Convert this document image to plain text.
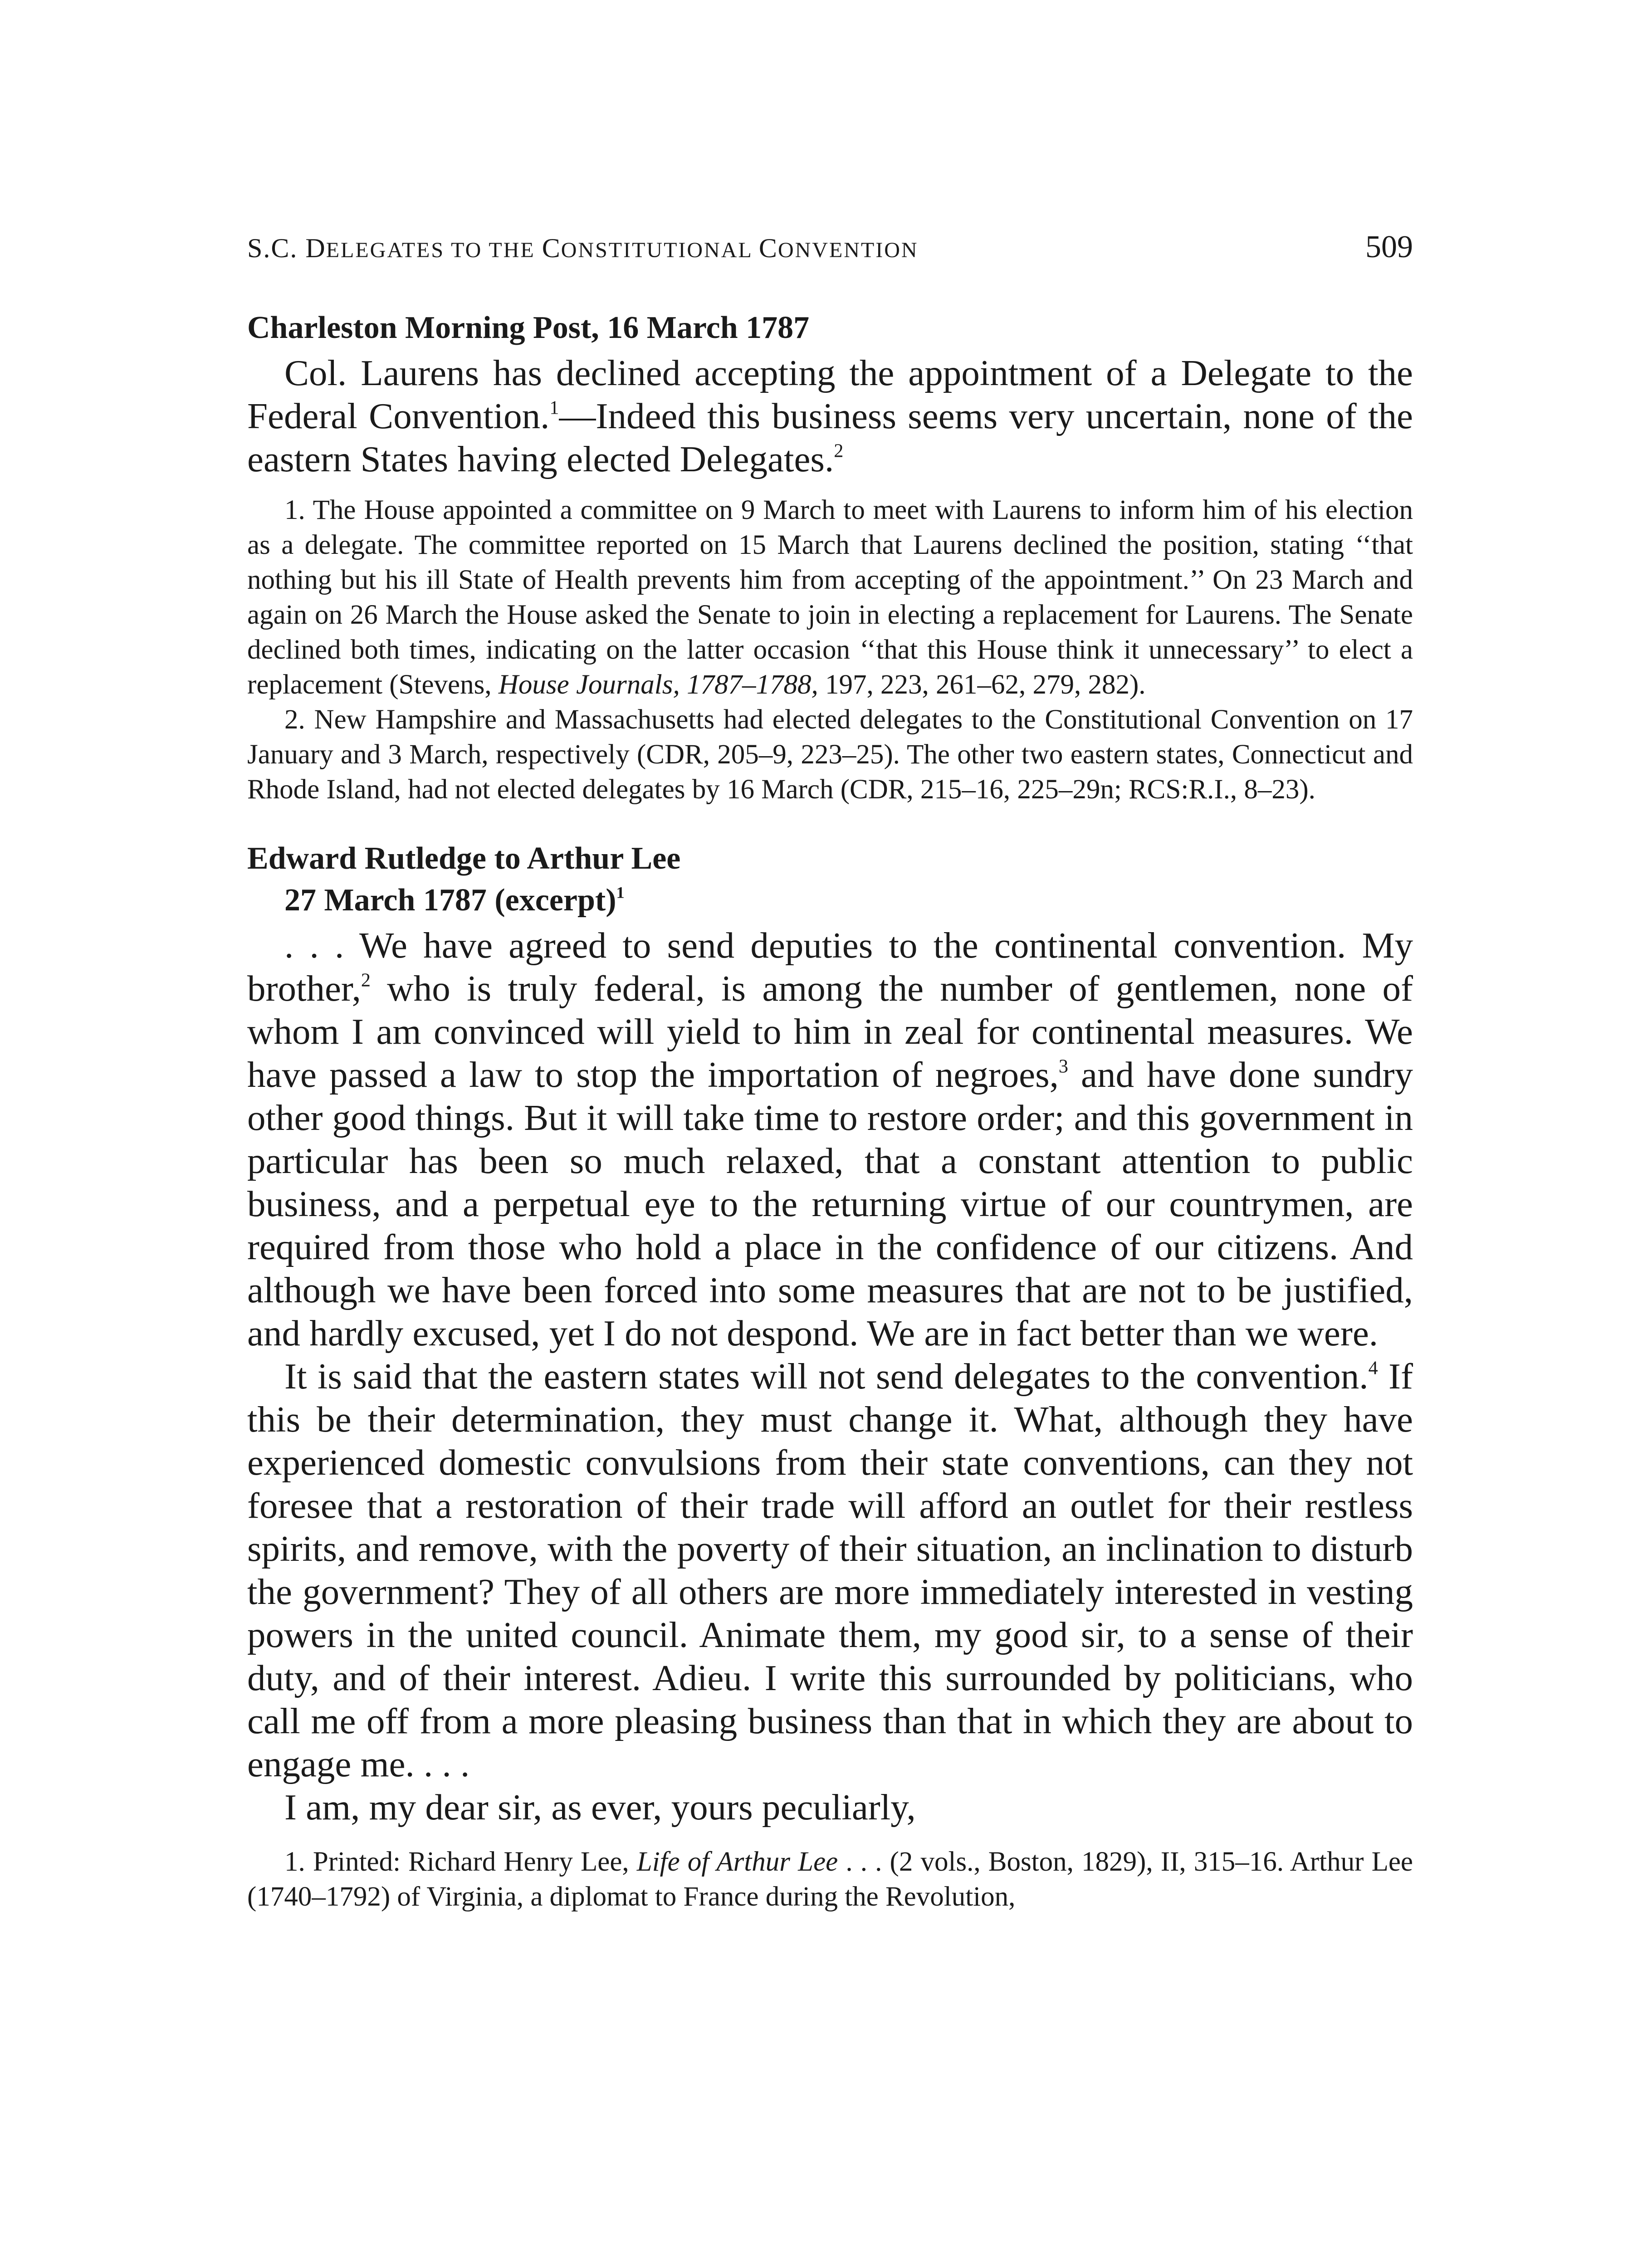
S.C. DELEGATES TO THE CONSTITUTIONAL CONVENTION	509
Charleston Morning Post, 16 March 1787

Col. Laurens has declined accepting the appointment of a Delegate to the Federal Convention.$^1$—Indeed this business seems very uncertain, none of the eastern States having elected Delegates.$^2$

1. The House appointed a committee on 9 March to meet with Laurens to inform him of his election as a delegate. The committee reported on 15 March that Laurens declined the position, stating ‘‘that nothing but his ill State of Health prevents him from accepting of the appointment.’’ On 23 March and again on 26 March the House asked the Senate to join in electing a replacement for Laurens. The Senate declined both times, indicating on the latter occasion ‘‘that this House think it unnecessary’’ to elect a replacement (Stevens, House Journals, 1787–1788, 197, 223, 261–62, 279, 282).

2. New Hampshire and Massachusetts had elected delegates to the Constitutional Convention on 17 January and 3 March, respectively (CDR, 205–9, 223–25). The other two eastern states, Connecticut and Rhode Island, had not elected delegates by 16 March (CDR, 215–16, 225–29n; RCS:R.I., 8–23).

Edward Rutledge to Arthur Lee
27 March 1787 (excerpt)$^1$

. . . We have agreed to send deputies to the continental convention. My brother,$^2$ who is truly federal, is among the number of gentlemen, none of whom I am convinced will yield to him in zeal for continental measures. We have passed a law to stop the importation of negroes,$^3$ and have done sundry other good things. But it will take time to restore order; and this government in particular has been so much relaxed, that a constant attention to public business, and a perpetual eye to the returning virtue of our countrymen, are required from those who hold a place in the confidence of our citizens. And although we have been forced into some measures that are not to be justified, and hardly excused, yet I do not despond. We are in fact better than we were.

It is said that the eastern states will not send delegates to the convention.$^4$ If this be their determination, they must change it. What, although they have experienced domestic convulsions from their state conventions, can they not foresee that a restoration of their trade will afford an outlet for their restless spirits, and remove, with the poverty of their situation, an inclination to disturb the government? They of all others are more immediately interested in vesting powers in the united council. Animate them, my good sir, to a sense of their duty, and of their interest. Adieu. I write this surrounded by politicians, who call me off from a more pleasing business than that in which they are about to engage me. . . .

I am, my dear sir, as ever, yours peculiarly,

1. Printed: Richard Henry Lee, Life of Arthur Lee . . . (2 vols., Boston, 1829), II, 315–16. Arthur Lee (1740–1792) of Virginia, a diplomat to France during the Revolution,
